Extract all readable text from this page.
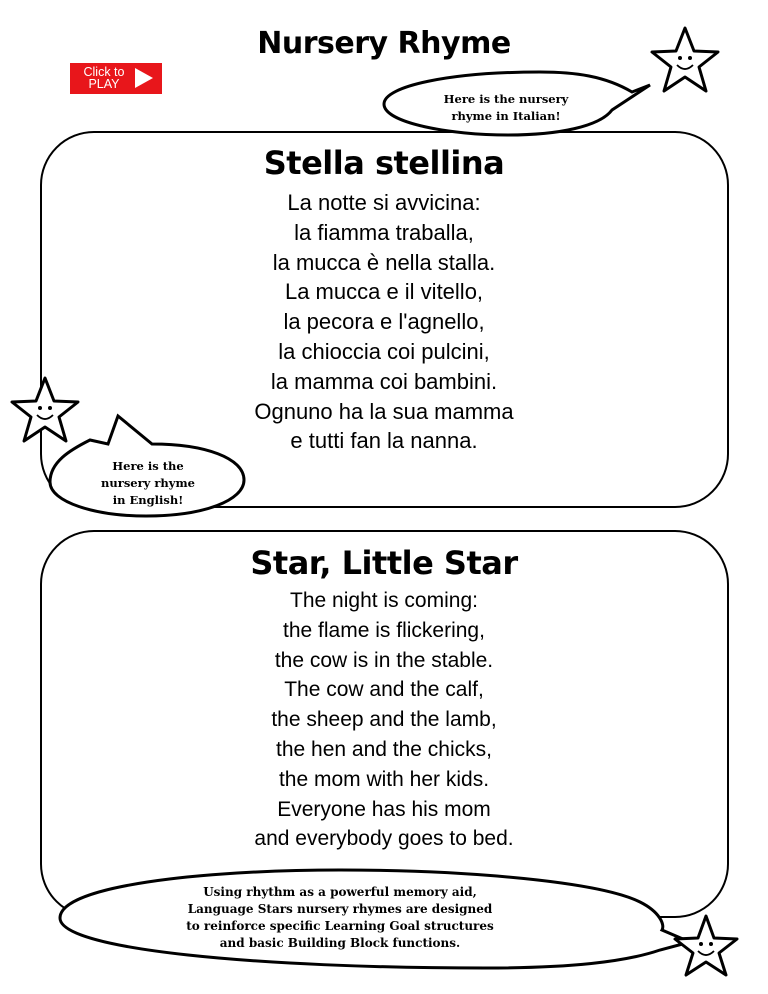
Nursery Rhyme
Click to
PLAY
Here is the nursery
rhyme in Italian!
Here is the
nursery rhyme
in English!
Using rhythm as a powerful memory aid,
Language Stars nursery rhymes are designed
to reinforce specific Learning Goal structures
and basic Building Block functions.
Stella stellina
La notte si avvicina:
la fiamma traballa,
la mucca è nella stalla.
La mucca e il vitello,
la pecora e l'agnello,
la chioccia coi pulcini,
la mamma coi bambini.
Ognuno ha la sua mamma
e tutti fan la nanna.
Star, Little Star
The night is coming:
the flame is flickering,
the cow is in the stable.
The cow and the calf,
the sheep and the lamb,
the hen and the chicks,
the mom with her kids.
Everyone has his mom
and everybody goes to bed.
